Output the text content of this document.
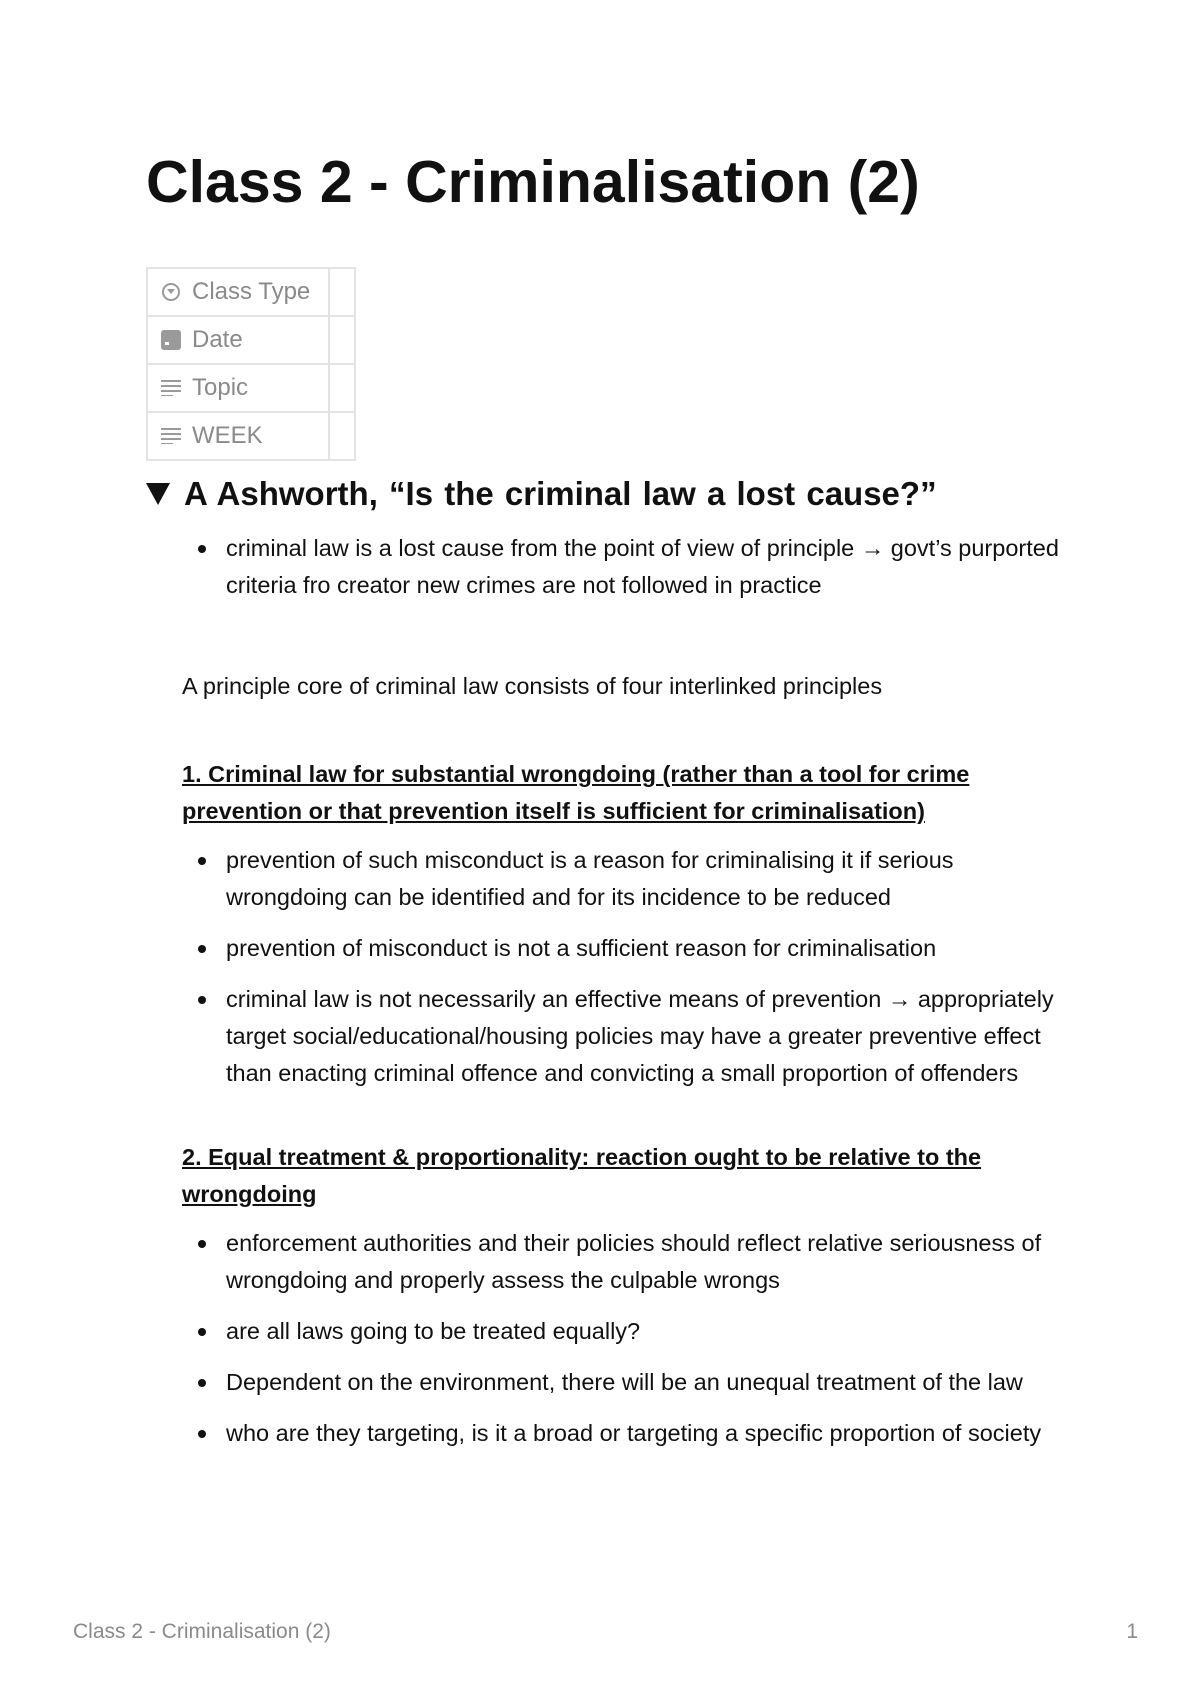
Class 2 - Criminalisation (2)
Class Type	

Date	

Topic	

WEEK	

A Ashworth, “Is the criminal law a lost cause?”
criminal law is a lost cause from the point of view of principle → govt’s purported criteria fro creator new crimes are not followed in practice

A principle core of criminal law consists of four interlinked principles

1. Criminal law for substantial wrongdoing (rather than a tool for crime prevention or that prevention itself is sufficient for criminalisation)

prevention of such misconduct is a reason for criminalising it if serious wrongdoing can be identified and for its incidence to be reduced
prevention of misconduct is not a sufficient reason for criminalisation
criminal law is not necessarily an effective means of prevention → appropriately target social/educational/housing policies may have a greater preventive effect than enacting criminal offence and convicting a small proportion of offenders

2. Equal treatment & proportionality: reaction ought to be relative to the wrongdoing

enforcement authorities and their policies should reflect relative seriousness of wrongdoing and properly assess the culpable wrongs
are all laws going to be treated equally?
Dependent on the environment, there will be an unequal treatment of the law
who are they targeting, is it a broad or targeting a specific proportion of society
Class 2 - Criminalisation (2)	1
